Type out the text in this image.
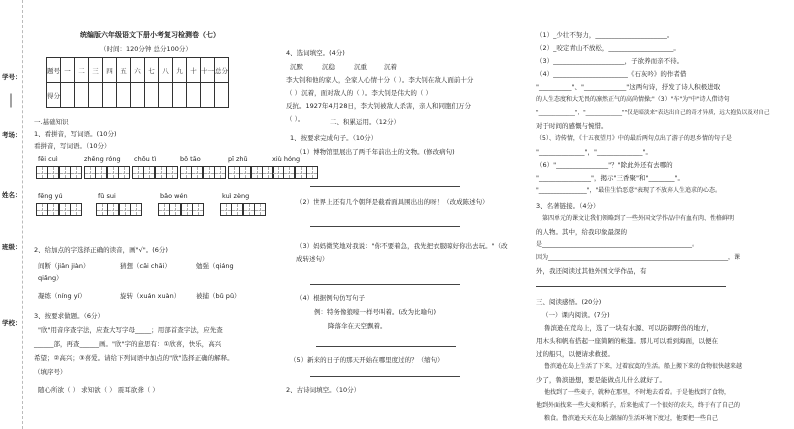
学号：
考场：
姓名：
班级：
学校：
统编版六年级语文下册小考复习检测卷（七）
（时间：120分钟 总分100分）
题号	一	二	三	四	五	六	七	八	九	十	十一	总分
得分												
一.基础知识
1、看拼音，写词语。(10分)
看拼音，写词语。（10分）
fēi cuì	zhēng róng chōu tì	bō tāo	pī zhǔ	xiù hóng
fēng yú	fǔ sui	bǎo wén	kuì zèng
2、给加点的字选择正确的读音，画"√"。(6分)
间断（jiān jiàn）	猜想（cāi chāi）	勉强（qiáng
qiǎng）
凝练（níng yí）	旋转（xuán xuàn） 被捕（bǔ pǔ）
3、按要求做题。（6分）
"欣"用音序查字法，应查大写字母_____；用部首查字法，应先查
______部，再查______画。"欣"字的意思有：①欣喜，快乐，高兴
希望；②高兴；③喜爱。请给下列词语中加点的"欣"选择正确的解释。
（填序号）
随心所欲（ ） 求知欲（ ） 震耳欲聋（ ）
4、选词填空。(4分)
沉默	沉稳	沉重	沉着
李大钊和他的家人，全家人心情十分（ ）。李大钊在敌人面前十分
（ ）沉着，面对敌人的（ ）。李大钊是伟大的（ ）
反抗。1927年4月28日，李大钊被敌人杀害，亲人和同胞们万分
（ ）。	二、积累运用。（12分）
1、按要求完成句子。（10分）
（1）博物馆里展出了两千年前出土的文物。(修改病句)
（2）世界上还有几个朝拜是截看面具围出出的呀！（改成陈述句）
（3）妈妈微笑地对我说："你不要着急，我先把衣服晾好你出去玩。"（改
成转述句）
（4）根据例句仿写句子
例：特务像狼嚎一样号叫着。(改为比喻句)
降落伞在天空飘着。
（5）新来的日子的那天开始在哪里度过的？（缩句）
2、古诗词填空。（10分）
（1）_少壮不努力，______________________。
（2）_咬定青山不放松，____________________。
（3）______________________，子欲养而亲不待。
（4）_______________________《石灰吟》的作者借
"__________"、"_____________"这两句诗，抒发了诗人积极进取
的人生态度和大无畏的凛然正气的高尚情操;"（3）"车"为"中"诗人借诗句
"_____________"，"_____________""仅是暗淡来"表达出自己的奇才异质，远大抱负以及对自己
对于时间的感慨与惋惜。
（5）、诗传情，《十五夜望月》中的最后两句点出了游子的思乡情的句子是
"______________"，"______________"。
（6）"________________"？"除此外还有去哪的
"________________"，揭示"三香聚"和"________"。
"________________"，"最佳生恰恶意"表现了不放弃人生追求的心态。
3、名著链接。（4分）
第四单元的课文让我们领略到了一些外国文学作品中有血有肉、性格鲜明
的人物。其中，给我印象最深的
是__________________________________________________。
因为____________________________________________________________，课
外，我还阅读过其他外国文学作品，有
三、阅读感悟。(20分)
（一）课内阅读。(7分)
鲁滨逊在荒岛上，选了一块有水源、可以防御野兽的地方，
用木头和帆布搭起一座简陋的帐篷。那儿可以看到海面，以便在
过的船只，以便请求救援。
鲁滨逊在岛上生活了下来，过着寂寞的生活。船上搬下来的食物很快越来越
少了，鲁滨逊想，要是能做点儿什么就好了。
他找到了一些麦子，就种在那里，不时地去看看。于是他找到了食物，
他到外面找来一些大麦和稻子，后来他成了一个很好的农夫，终于有了自己的
粮食。鲁滨逊天天在岛上潮湿的生活环境下度过，他要把一些自己
